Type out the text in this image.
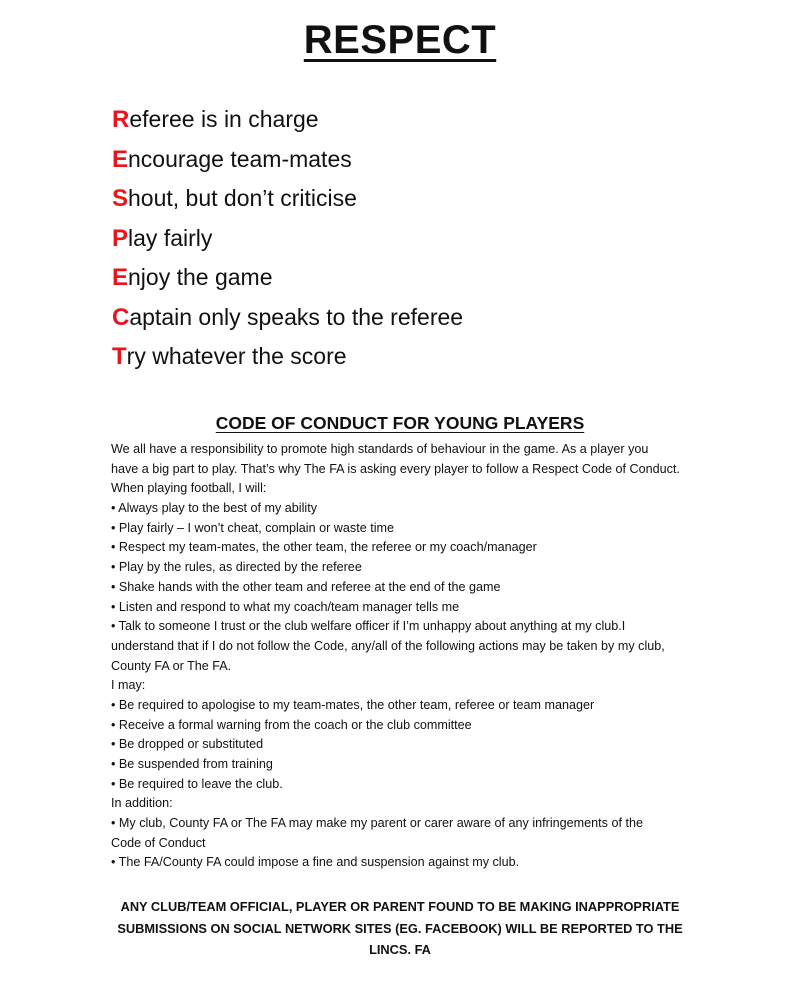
RESPECT
Referee is in charge
Encourage team-mates
Shout, but don’t criticise
Play fairly
Enjoy the game
Captain only speaks to the referee
Try whatever the score
CODE OF CONDUCT FOR YOUNG PLAYERS
We all have a responsibility to promote high standards of behaviour in the game. As a player you
have a big part to play. That’s why The FA is asking every player to follow a Respect Code of Conduct.
When playing football, I will:
• Always play to the best of my ability
• Play fairly – I won’t cheat, complain or waste time
• Respect my team-mates, the other team, the referee or my coach/manager
• Play by the rules, as directed by the referee
• Shake hands with the other team and referee at the end of the game
• Listen and respond to what my coach/team manager tells me
• Talk to someone I trust or the club welfare officer if I’m unhappy about anything at my club.I
understand that if I do not follow the Code, any/all of the following actions may be taken by my club,
County FA or The FA.
I may:
• Be required to apologise to my team-mates, the other team, referee or team manager
• Receive a formal warning from the coach or the club committee
• Be dropped or substituted
• Be suspended from training
• Be required to leave the club.
In addition:
• My club, County FA or The FA may make my parent or carer aware of any infringements of the
Code of Conduct
• The FA/County FA could impose a fine and suspension against my club.
ANY CLUB/TEAM OFFICIAL, PLAYER OR PARENT FOUND TO BE MAKING INAPPROPRIATE
SUBMISSIONS ON SOCIAL NETWORK SITES (EG. FACEBOOK) WILL BE REPORTED TO THE
LINCS. FA
